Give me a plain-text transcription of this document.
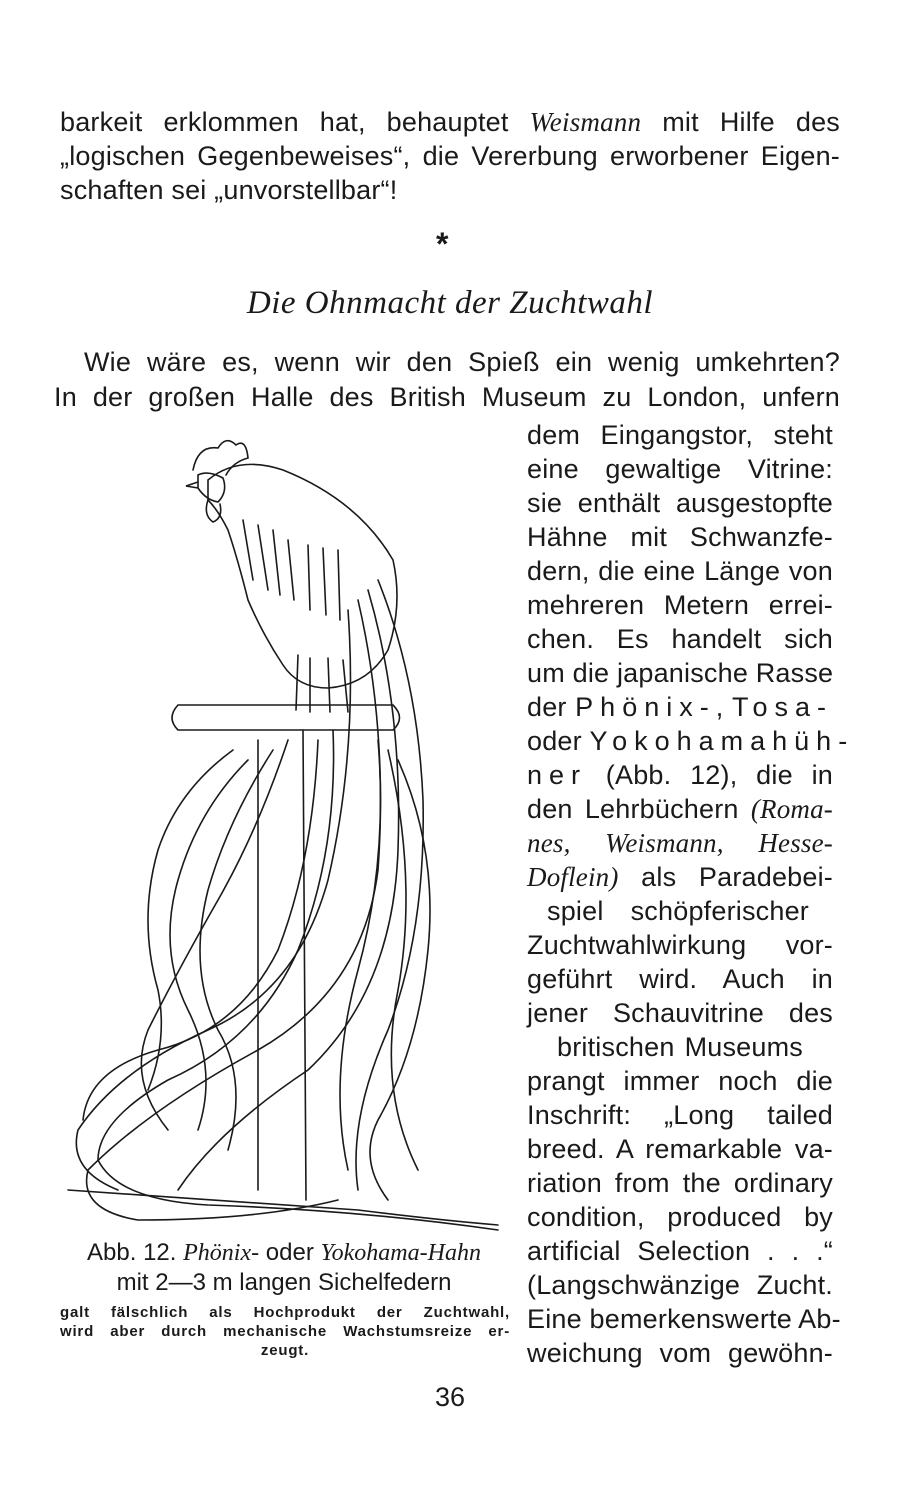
barkeit erklommen hat, behauptet Weismann mit Hilfe des
„logischen Gegenbeweises“, die Vererbung erworbener Eigen-
schaften sei „unvorstellbar“!
*
Die Ohnmacht der Zuchtwahl
Wie wäre es, wenn wir den Spieß ein wenig umkehrten?
In der großen Halle des British Museum zu London, unfern
dem Eingangstor, steht
eine gewaltige Vitrine:
sie enthält ausgestopfte
Hähne mit Schwanzfe-
dern, die eine Länge von
mehreren Metern errei-
chen. Es handelt sich
um die japanische Rasse
der Phönix-, Tosa-
oder Yokohamahüh-
ner (Abb. 12), die in
den Lehrbüchern (Roma-
nes, Weismann, Hesse-
Doflein) als Paradebei-
spiel schöpferischer
Zuchtwahlwirkung vor-
geführt wird. Auch in
jener Schauvitrine des
britischen Museums
prangt immer noch die
Inschrift: „Long tailed
breed. A remarkable va-
riation from the ordinary
condition, produced by
artificial Selection . . .“
(Langschwänzige Zucht.
Eine bemerkenswerte Ab-
weichung vom gewöhn-
Abb. 12. Phönix- oder Yokohama-Hahn
mit 2—3 m langen Sichelfedern
galt fälschlich als Hochprodukt der Zuchtwahl,
wird aber durch mechanische Wachstumsreize er-
zeugt.
36
